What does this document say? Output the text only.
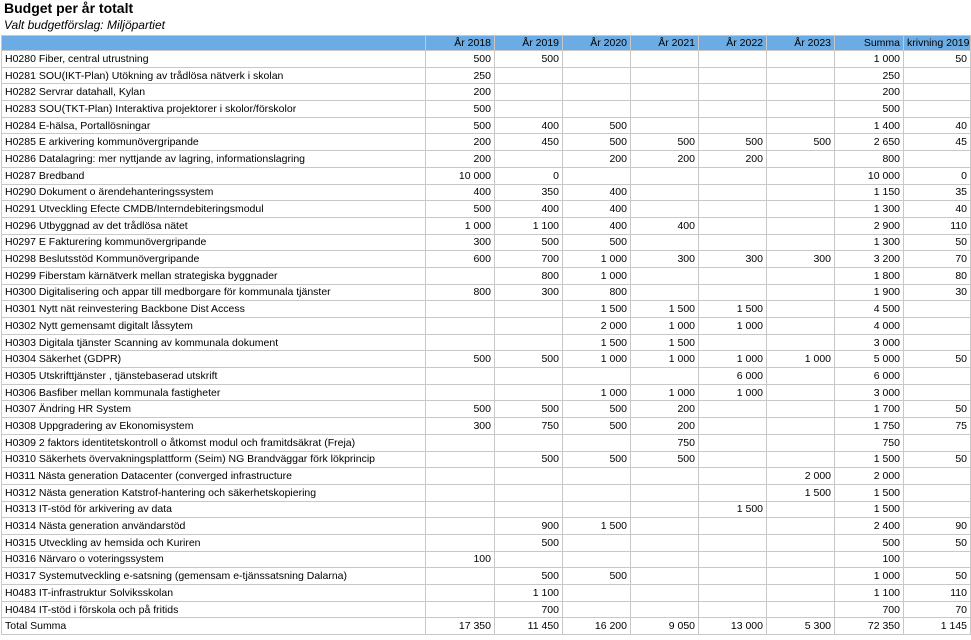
Budget per år totalt
Valt budgetförslag: Miljöpartiet
	År 2018	År 2019	År 2020	År 2021	År 2022	År 2023	Summa	krivning 2019
H0280 Fiber, central utrustning	500	500					1 000	50
H0281 SOU(IKT-Plan) Utökning av trådlösa nätverk i skolan	250						250	
H0282 Servrar datahall, Kylan	200						200	
H0283 SOU(TKT-Plan) Interaktiva projektorer i skolor/förskolor	500						500	
H0284 E-hälsa, Portallösningar	500	400	500				1 400	40
H0285 E arkivering kommunövergripande	200	450	500	500	500	500	2 650	45
H0286 Datalagring: mer nyttjande av lagring, informationslagring	200		200	200	200		800	
H0287 Bredband	10 000	0					10 000	0
H0290 Dokument o ärendehanteringssystem	400	350	400				1 150	35
H0291 Utveckling Efecte CMDB/Interndebiteringsmodul	500	400	400				1 300	40
H0296 Utbyggnad av det trådlösa nätet	1 000	1 100	400	400			2 900	110
H0297 E Fakturering kommunövergripande	300	500	500				1 300	50
H0298 Beslutsstöd Kommunövergripande	600	700	1 000	300	300	300	3 200	70
H0299 Fiberstam kärnätverk mellan strategiska byggnader		800	1 000				1 800	80
H0300 Digitalisering och appar till medborgare för kommunala tjänster	800	300	800				1 900	30
H0301 Nytt nät reinvestering Backbone Dist Access			1 500	1 500	1 500		4 500	
H0302 Nytt gemensamt digitalt låssytem			2 000	1 000	1 000		4 000	
H0303 Digitala tjänster Scanning av kommunala dokument			1 500	1 500			3 000	
H0304 Säkerhet (GDPR)	500	500	1 000	1 000	1 000	1 000	5 000	50
H0305 Utskrifttjänster , tjänstebaserad utskrift					6 000		6 000	
H0306 Basfiber mellan kommunala fastigheter			1 000	1 000	1 000		3 000	
H0307 Ändring HR System	500	500	500	200			1 700	50
H0308 Uppgradering av Ekonomisystem	300	750	500	200			1 750	75
H0309 2 faktors identitetskontroll o åtkomst modul och framitdsäkrat (Freja)				750			750	
H0310 Säkerhets övervakningsplattform (Seim) NG Brandväggar förk lökprincip		500	500	500			1 500	50
H0311 Nästa generation Datacenter (converged infrastructure						2 000	2 000	
H0312 Nästa generation Katstrof-hantering och säkerhetskopiering						1 500	1 500	
H0313 IT-stöd för arkivering av data					1 500		1 500	
H0314 Nästa generation användarstöd		900	1 500				2 400	90
H0315 Utveckling av hemsida och Kuriren		500					500	50
H0316 Närvaro o voteringssystem	100						100	
H0317 Systemutveckling e-satsning (gemensam e-tjänssatsning Dalarna)		500	500				1 000	50
H0483 IT-infrastruktur Solviksskolan		1 100					1 100	110
H0484 IT-stöd i förskola och på fritids		700					700	70
Total Summa	17 350	11 450	16 200	9 050	13 000	5 300	72 350	1 145
